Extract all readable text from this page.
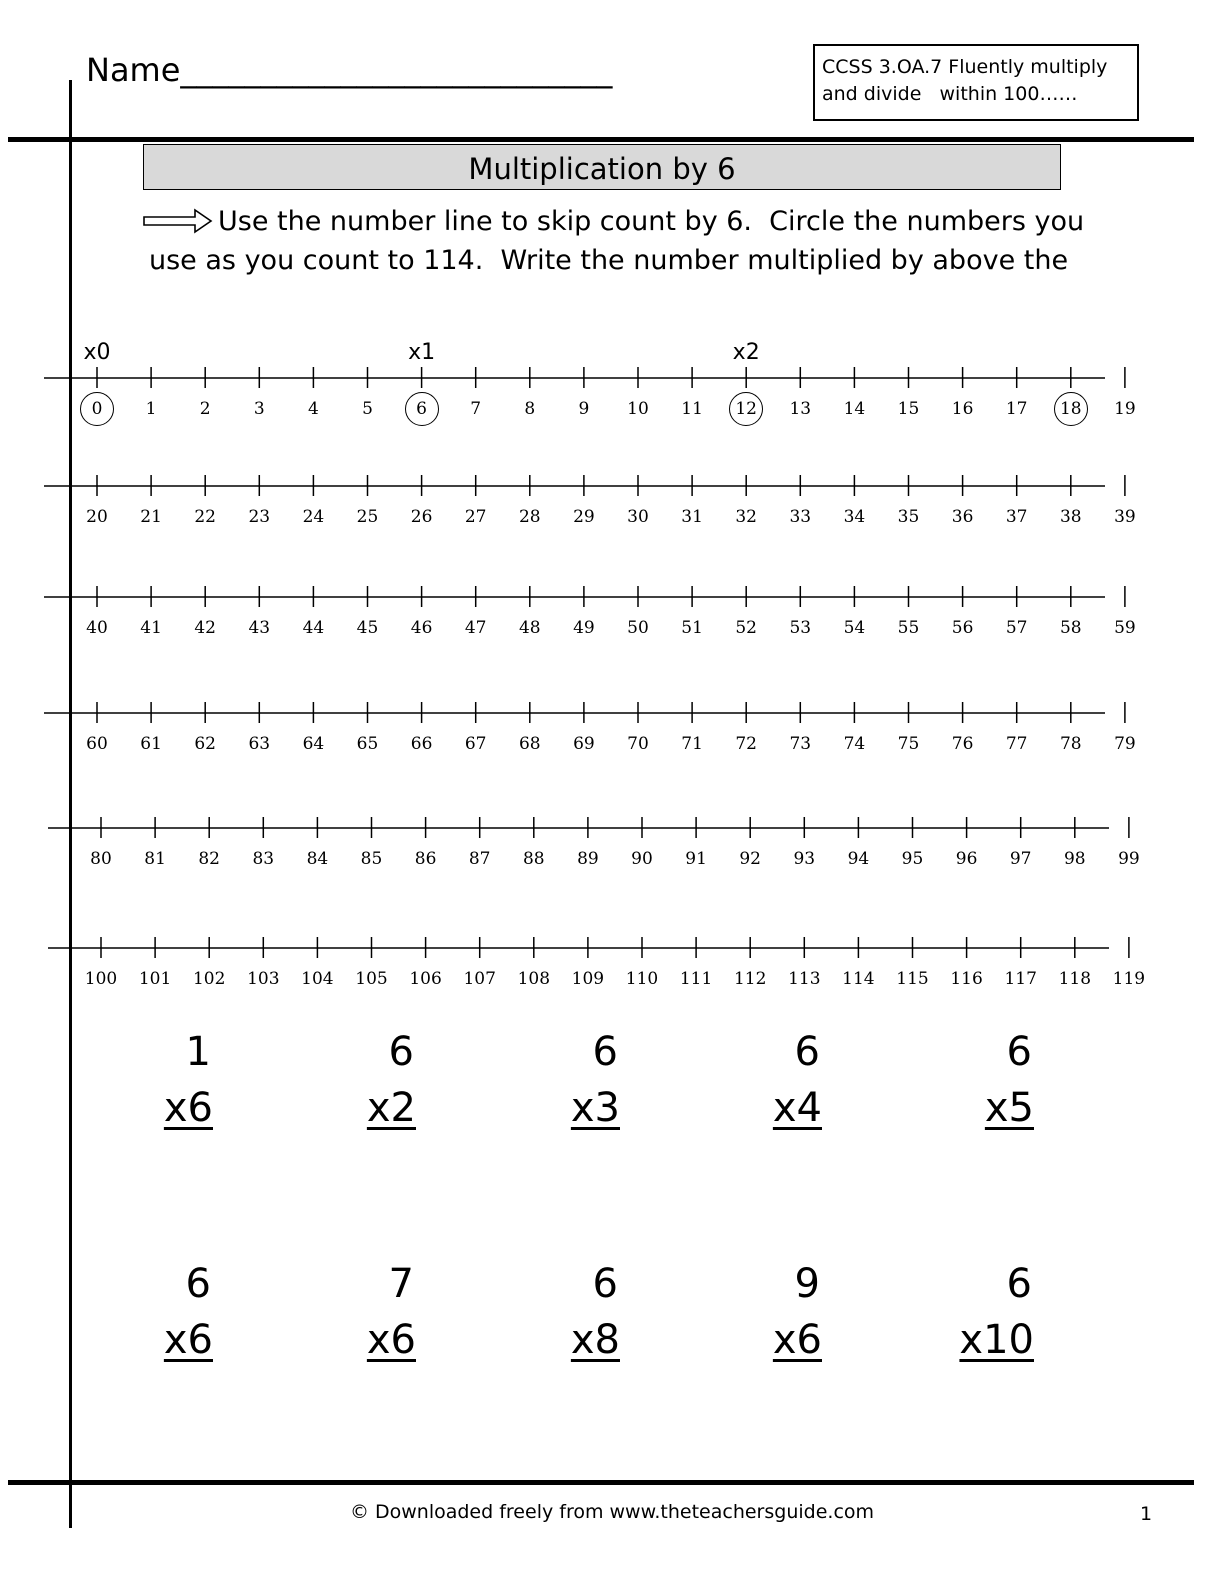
Name___________________________	CCSS 3.OA.7 Fluently multiply
and divide   within 100……
Multiplication by 6
Use the number line to skip count by 6.  Circle the numbers you
use as you count to 114.  Write the number multiplied by above the
0	1	2	3	4	5	6	7	8	9 10 11 12 13 14 15 16 17 18 19
x0	x1	x2
20 21 22 23 24 25 26 27 28 29 30 31 32 33 34 35 36 37 38 39
40 41 42 43 44 45 46 47 48 49 50 51 52 53 54 55 56 57 58 59
60 61 62 63 64 65 66 67 68 69 70 71 72 73 74 75 76 77 78 79
80 81 82 83 84 85 86 87 88 89 90 91 92 93 94 95 96 97 98 99
100 101 102 103 104 105 106 107 108 109 110 111 112 113 114 115 116 117 118 119
1
x6
6
x2
6
x3
6
x4
6
x5
6
x6
7
x6
6
x8
9
x6
6
x10
© Downloaded freely from www.theteachersguide.com	1
